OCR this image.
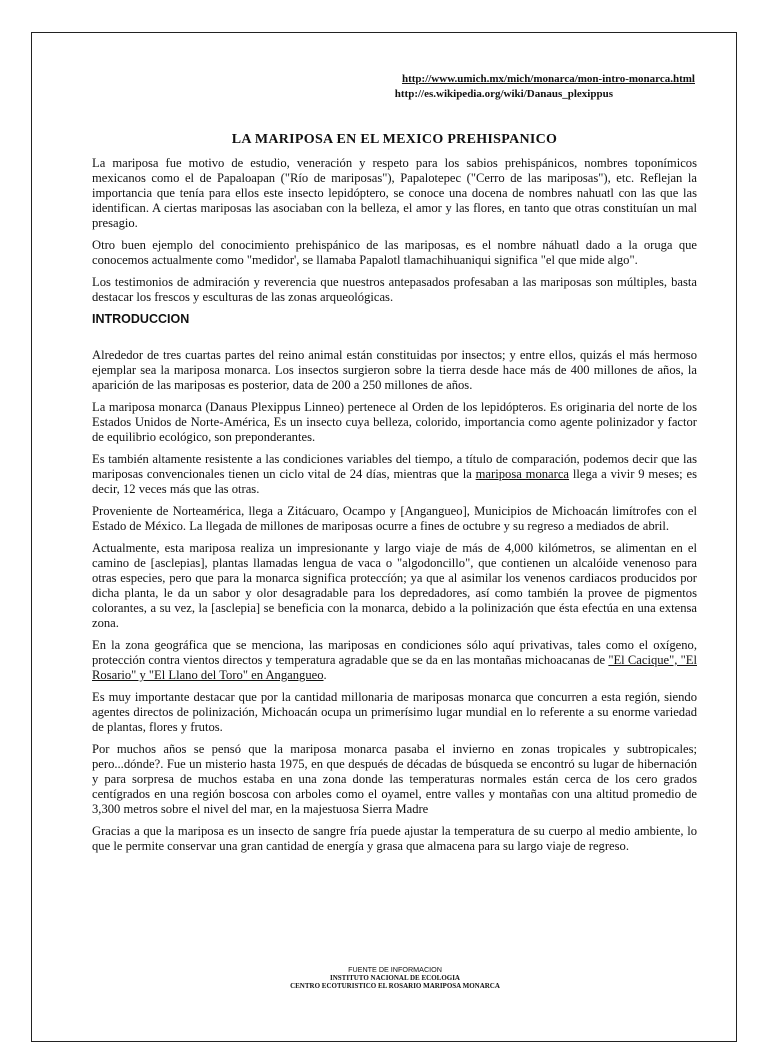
http://www.umich.mx/mich/monarca/mon-intro-monarca.html
http://es.wikipedia.org/wiki/Danaus_plexippus
LA MARIPOSA EN EL MEXICO PREHISPANICO

La mariposa fue motivo de estudio, veneración y respeto para los sabios prehispánicos, nombres toponímicos mexicanos como el de Papaloapan ("Río de mariposas"), Papalotepec ("Cerro de las mariposas"), etc. Reflejan la importancia que tenía para ellos este insecto lepidóptero, se conoce una docena de nombres nahuatl con las que las identifican. A ciertas mariposas las asociaban con la belleza, el amor y las flores, en tanto que otras constituían un mal presagio.

Otro buen ejemplo del conocimiento prehispánico de las mariposas, es el nombre náhuatl dado a la oruga que conocemos actualmente como "medidor', se llamaba Papalotl tlamachihuaniqui significa "el que mide algo".

Los testimonios de admiración y reverencia que nuestros antepasados profesaban a las mariposas son múltiples, basta destacar los frescos y esculturas de las zonas arqueológicas.

INTRODUCCION

Alrededor de tres cuartas partes del reino animal están constituidas por insectos; y entre ellos, quizás el más hermoso ejemplar sea la mariposa monarca. Los insectos surgieron sobre la tierra desde hace más de 400 millones de años, la aparición de las mariposas es posterior, data de 200 a 250 millones de años.

La mariposa monarca (Danaus Plexippus Linneo) pertenece al Orden de los lepidópteros. Es originaria del norte de los Estados Unidos de Norte-América, Es un insecto cuya belleza, colorido, importancia como agente polinizador y factor de equilibrio ecológico, son preponderantes.

Es también altamente resistente a las condiciones variables del tiempo, a título de comparación, podemos decir que las mariposas convencionales tienen un ciclo vital de 24 días, mientras que la mariposa monarca llega a vivir 9 meses; es decir, 12 veces más que las otras.

Proveniente de Norteamérica, llega a Zitácuaro, Ocampo y [Angangueo], Municipios de Michoacán limítrofes con el Estado de México. La llegada de millones de mariposas ocurre a fines de octubre y su regreso a mediados de abril.

Actualmente, esta mariposa realiza un impresionante y largo viaje de más de 4,000 kilómetros, se alimentan en el camino de [asclepias], plantas llamadas lengua de vaca o "algodoncillo", que contienen un alcalóide venenoso para otras especies, pero que para la monarca significa proteccíón; ya que al asimilar los venenos cardiacos producidos por dicha planta, le da un sabor y olor desagradable para los depredadores, así como también la provee de pigmentos colorantes, a su vez, la [asclepia] se beneficia con la monarca, debido a la polinización que ésta efectúa en una extensa zona.

En la zona geográfica que se menciona, las mariposas en condiciones sólo aquí privativas, tales como el oxígeno, protección contra vientos directos y temperatura agradable que se da en las montañas michoacanas de "El Cacique", "El Rosario" y "El Llano del Toro" en Angangueo.

Es muy importante destacar que por la cantidad millonaria de mariposas monarca que concurren a esta región, siendo agentes directos de polinización, Michoacán ocupa un primerísimo lugar mundial en lo referente a su enorme variedad de plantas, flores y frutos.

Por muchos años se pensó que la mariposa monarca pasaba el invierno en zonas tropicales y subtropicales; pero...dónde?. Fue un misterio hasta 1975, en que después de décadas de búsqueda se encontró su lugar de hibernación y para sorpresa de muchos estaba en una zona donde las temperaturas normales están cerca de los cero grados centígrados en una región boscosa con arboles como el oyamel, entre valles y montañas con una altitud promedio de 3,300 metros sobre el nivel del mar, en la majestuosa Sierra Madre

Gracias a que la mariposa es un insecto de sangre fría puede ajustar la temperatura de su cuerpo al medio ambiente, lo que le permite conservar una gran cantidad de energía y grasa que almacena para su largo viaje de regreso.

FUENTE DE INFORMACION
INSTITUTO NACIONAL DE ECOLOGIA
CENTRO ECOTURISTICO EL ROSARIO MARIPOSA MONARCA
